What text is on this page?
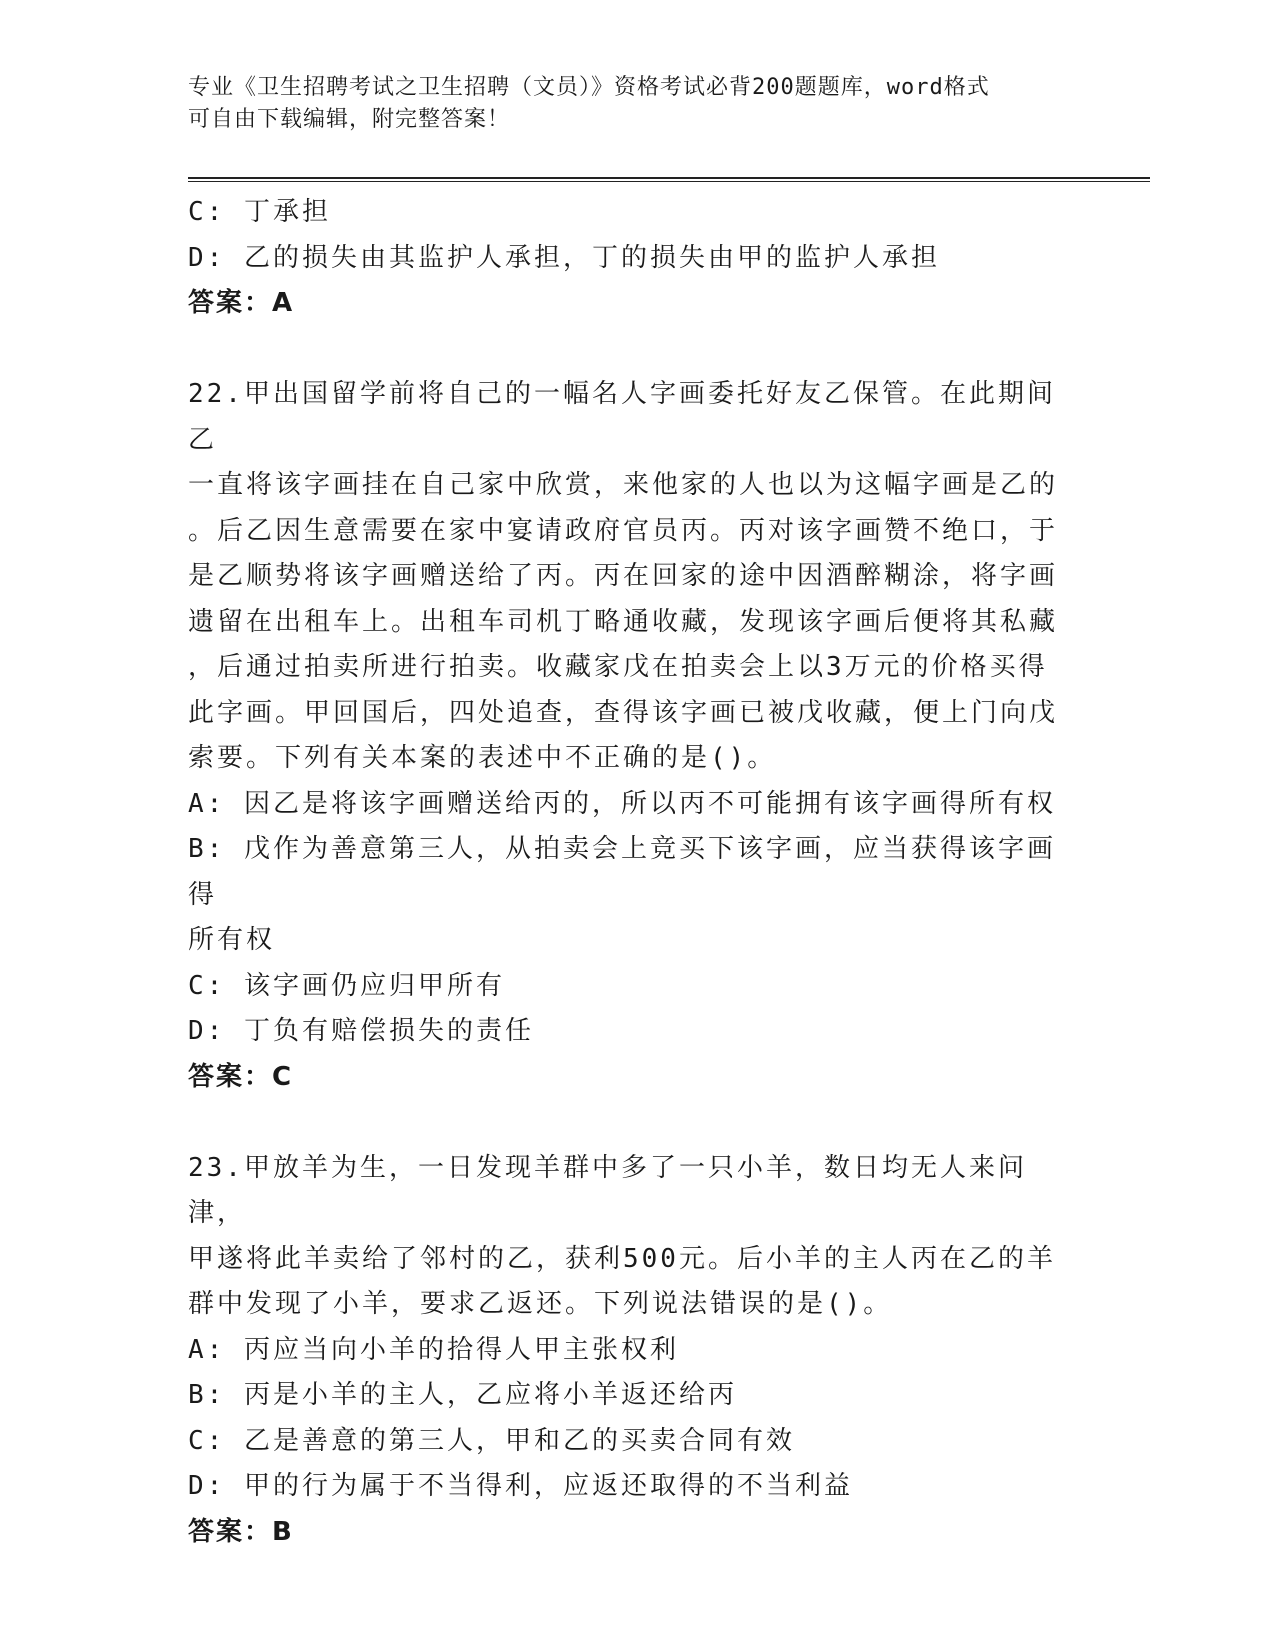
专业《卫生招聘考试之卫生招聘（文员）》资格考试必背200题题库，word格式
可自由下载编辑，附完整答案！

C: 丁承担

D: 乙的损失由其监护人承担，丁的损失由甲的监护人承担

答案：A

22.甲出国留学前将自己的一幅名人字画委托好友乙保管。在此期间乙

一直将该字画挂在自己家中欣赏，来他家的人也以为这幅字画是乙的

。后乙因生意需要在家中宴请政府官员丙。丙对该字画赞不绝口，于

是乙顺势将该字画赠送给了丙。丙在回家的途中因酒醉糊涂，将字画

遗留在出租车上。出租车司机丁略通收藏，发现该字画后便将其私藏

，后通过拍卖所进行拍卖。收藏家戊在拍卖会上以3万元的价格买得

此字画。甲回国后，四处追查，查得该字画已被戊收藏，便上门向戊

索要。下列有关本案的表述中不正确的是()。

A: 因乙是将该字画赠送给丙的，所以丙不可能拥有该字画得所有权

B: 戊作为善意第三人，从拍卖会上竞买下该字画，应当获得该字画得

所有权

C: 该字画仍应归甲所有

D: 丁负有赔偿损失的责任

答案：C

23.甲放羊为生，一日发现羊群中多了一只小羊，数日均无人来问津，

甲遂将此羊卖给了邻村的乙，获利500元。后小羊的主人丙在乙的羊

群中发现了小羊，要求乙返还。下列说法错误的是()。

A: 丙应当向小羊的拾得人甲主张权利

B: 丙是小羊的主人，乙应将小羊返还给丙

C: 乙是善意的第三人，甲和乙的买卖合同有效

D: 甲的行为属于不当得利，应返还取得的不当利益

答案：B
